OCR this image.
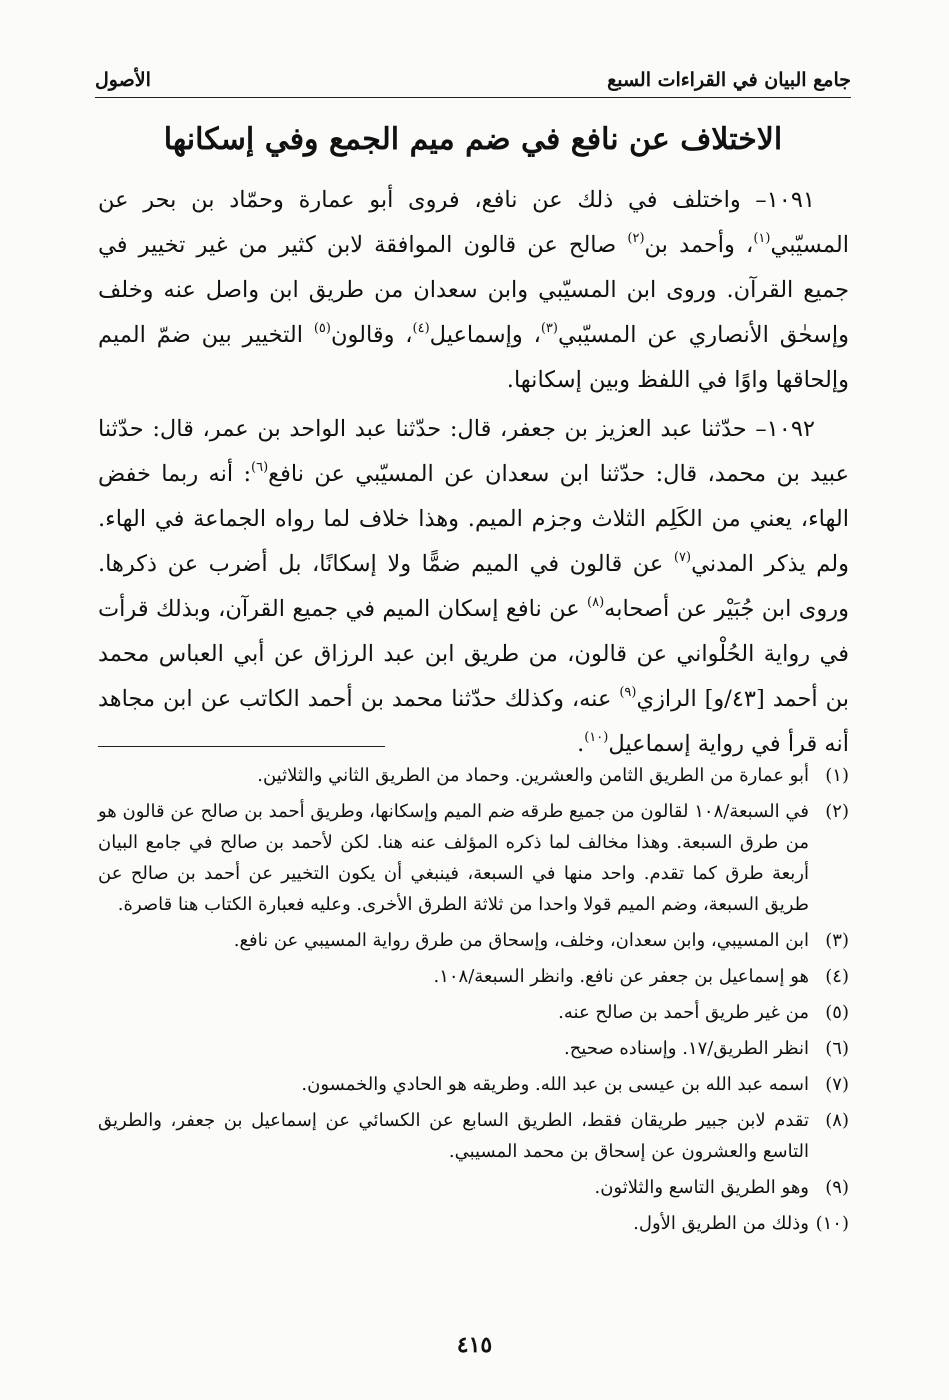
جامع البيان في القراءات السبع
الأصول
الاختلاف عن نافع في ضم ميم الجمع وفي إسكانها

١٠٩١– واختلف في ذلك عن نافع، فروى أبو عمارة وحمّاد بن بحر عن المسيّبي$^{(١)}$، وأحمد بن$^{(٢)}$ صالح عن قالون الموافقة لابن كثير من غير تخيير في جميع القرآن. وروى ابن المسيّبي وابن سعدان من طريق ابن واصل عنه وخلف وإسحٰق الأنصاري عن المسيّبي$^{(٣)}$، وإسماعيل$^{(٤)}$، وقالون$^{(٥)}$ التخيير بين ضمّ الميم وإلحاقها واوًا في اللفظ وبين إسكانها.

١٠٩٢– حدّثنا عبد العزيز بن جعفر، قال: حدّثنا عبد الواحد بن عمر، قال: حدّثنا عبيد بن محمد، قال: حدّثنا ابن سعدان عن المسيّبي عن نافع$^{(٦)}$: أنه ربما خفض الهاء، يعني من الكَلِم الثلاث وجزم الميم. وهذا خلاف لما رواه الجماعة في الهاء. ولم يذكر المدني$^{(٧)}$ عن قالون في الميم ضمًّا ولا إسكانًا، بل أضرب عن ذكرها. وروى ابن جُبَيْر عن أصحابه$^{(٨)}$ عن نافع إسكان الميم في جميع القرآن، وبذلك قرأت في رواية الحُلْواني عن قالون، من طريق ابن عبد الرزاق عن أبي العباس محمد بن أحمد [٤٣/و] الرازي$^{(٩)}$ عنه، وكذلك حدّثنا محمد بن أحمد الكاتب عن ابن مجاهد أنه قرأ في رواية إسماعيل$^{(١٠)}$.

(١)
أبو عمارة من الطريق الثامن والعشرين. وحماد من الطريق الثاني والثلاثين.
(٢)
في السبعة/١٠٨ لقالون من جميع طرقه ضم الميم وإسكانها، وطريق أحمد بن صالح عن قالون هو من طرق السبعة. وهذا مخالف لما ذكره المؤلف عنه هنا. لكن لأحمد بن صالح في جامع البيان أربعة طرق كما تقدم. واحد منها في السبعة، فينبغي أن يكون التخيير عن أحمد بن صالح عن طريق السبعة، وضم الميم قولا واحدا من ثلاثة الطرق الأخرى. وعليه فعبارة الكتاب هنا قاصرة.
(٣)
ابن المسيبي، وابن سعدان، وخلف، وإسحاق من طرق رواية المسيبي عن نافع.
(٤)
هو إسماعيل بن جعفر عن نافع. وانظر السبعة/١٠٨.
(٥)
من غير طريق أحمد بن صالح عنه.
(٦)
انظر الطريق/١٧. وإسناده صحيح.
(٧)
اسمه عبد الله بن عيسى بن عبد الله. وطريقه هو الحادي والخمسون.
(٨)
تقدم لابن جبير طريقان فقط، الطريق السابع عن الكسائي عن إسماعيل بن جعفر، والطريق التاسع والعشرون عن إسحاق بن محمد المسيبي.
(٩)
وهو الطريق التاسع والثلاثون.
(١٠)
وذلك من الطريق الأول.
٤١٥
